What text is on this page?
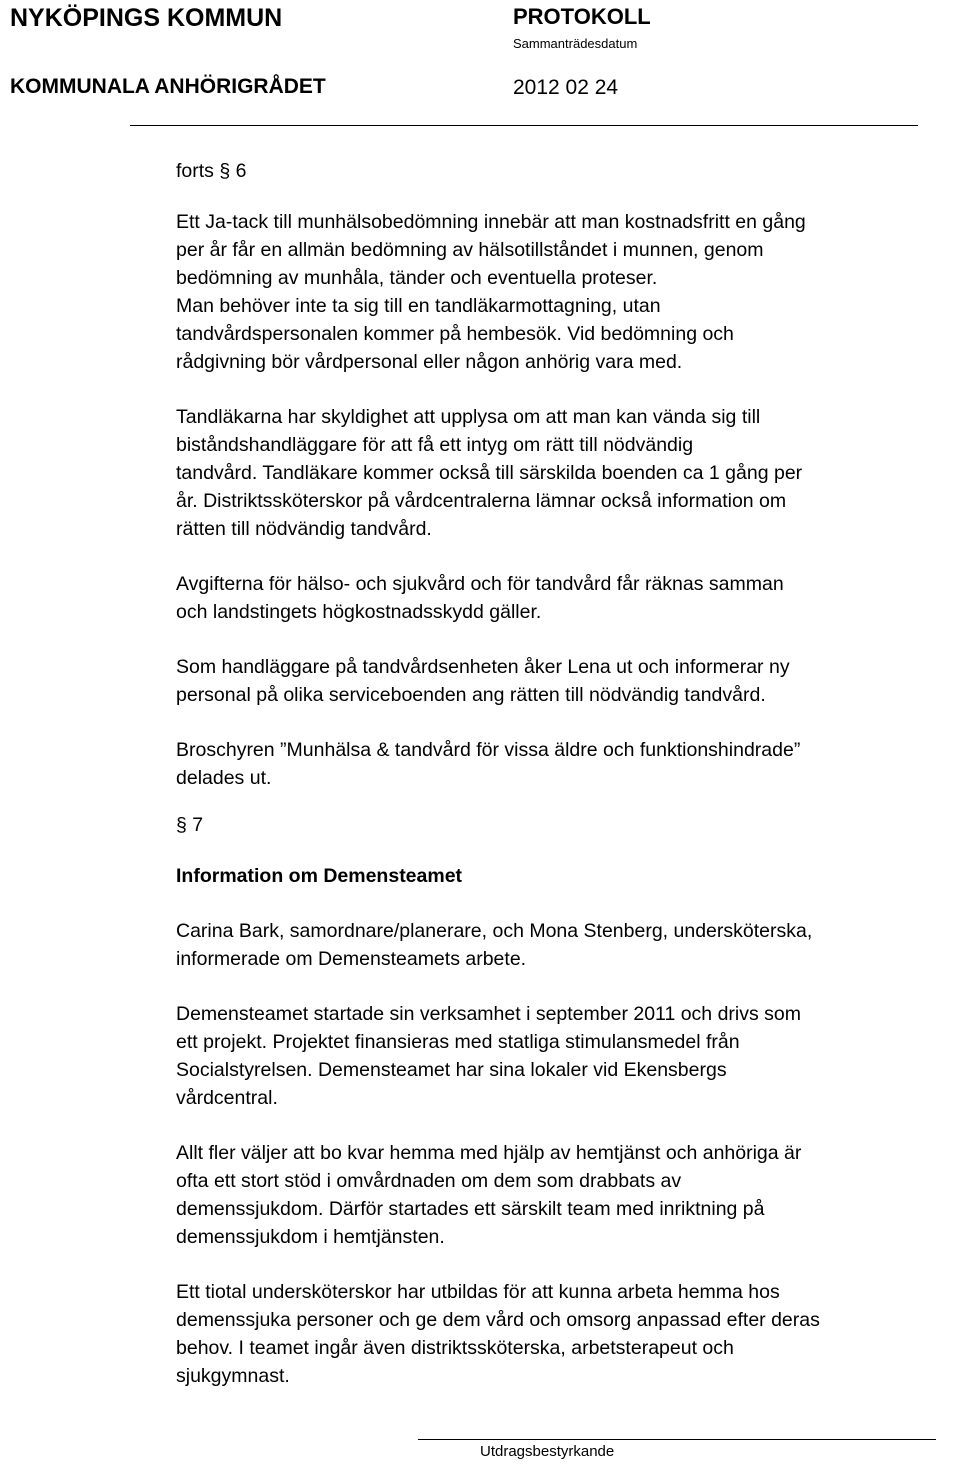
NYKÖPINGS KOMMUN
KOMMUNALA ANHÖRIGRÅDET
PROTOKOLL
Sammanträdesdatum
2012 02 24

forts § 6

Ett Ja-tack till munhälsobedömning innebär att man kostnadsfritt en gång
per år får en allmän bedömning av hälsotillståndet i munnen, genom
bedömning av munhåla, tänder och eventuella proteser.
Man behöver inte ta sig till en tandläkarmottagning, utan
tandvårdspersonalen kommer på hembesök. Vid bedömning och
rådgivning bör vårdpersonal eller någon anhörig vara med.

Tandläkarna har skyldighet att upplysa om att man kan vända sig till
biståndshandläggare för att få ett intyg om rätt till nödvändig
tandvård. Tandläkare kommer också till särskilda boenden ca 1 gång per
år. Distriktssköterskor på vårdcentralerna lämnar också information om
rätten till nödvändig tandvård.

Avgifterna för hälso- och sjukvård och för tandvård får räknas samman
och landstingets högkostnadsskydd gäller.

Som handläggare på tandvårdsenheten åker Lena ut och informerar ny
personal på olika serviceboenden ang rätten till nödvändig tandvård.

Broschyren ”Munhälsa & tandvård för vissa äldre och funktionshindrade”
delades ut.

§ 7

Information om Demensteamet

Carina Bark, samordnare/planerare, och Mona Stenberg, undersköterska,
informerade om Demensteamets arbete.

Demensteamet startade sin verksamhet i september 2011 och drivs som
ett projekt. Projektet finansieras med statliga stimulansmedel från
Socialstyrelsen. Demensteamet har sina lokaler vid Ekensbergs
vårdcentral.

Allt fler väljer att bo kvar hemma med hjälp av hemtjänst och anhöriga är
ofta ett stort stöd i omvårdnaden om dem som drabbats av
demenssjukdom. Därför startades ett särskilt team med inriktning på
demenssjukdom i hemtjänsten.

Ett tiotal undersköterskor har utbildas för att kunna arbeta hemma hos
demenssjuka personer och ge dem vård och omsorg anpassad efter deras
behov. I teamet ingår även distriktssköterska, arbetsterapeut och
sjukgymnast.

Utdragsbestyrkande
